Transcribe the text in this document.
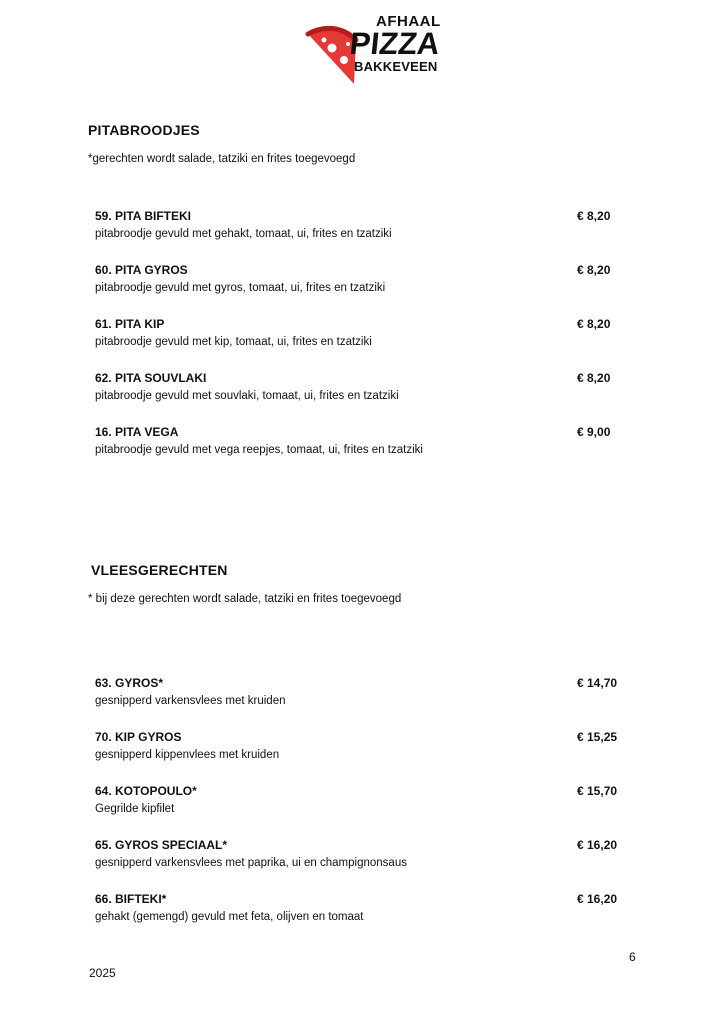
AFHAAL
PIZZA
BAKKEVEEN
PITABROODJES
*gerechten wordt salade, tatziki en frites toegevoegd
59. PITA BIFTEKI	€ 8,20
pitabroodje gevuld met gehakt, tomaat, ui, frites en tzatziki
60. PITA GYROS	€ 8,20
pitabroodje gevuld met gyros, tomaat, ui, frites en tzatziki
61. PITA KIP	€ 8,20
pitabroodje gevuld met kip, tomaat, ui, frites en tzatziki
62. PITA SOUVLAKI	€ 8,20
pitabroodje gevuld met souvlaki, tomaat, ui, frites en tzatziki
16. PITA VEGA	€ 9,00
pitabroodje gevuld met vega reepjes, tomaat, ui, frites en tzatziki
VLEESGERECHTEN
* bij deze gerechten wordt salade, tatziki en frites toegevoegd
63. GYROS*	€ 14,70
gesnipperd varkensvlees met kruiden
70. KIP GYROS	€ 15,25
gesnipperd kippenvlees met kruiden
64. KOTOPOULO*	€ 15,70
Gegrilde kipfilet
65. GYROS SPECIAAL*	€ 16,20
gesnipperd varkensvlees met paprika, ui en champignonsaus
66. BIFTEKI*	€ 16,20
gehakt (gemengd) gevuld met feta, olijven en tomaat
6
2025
